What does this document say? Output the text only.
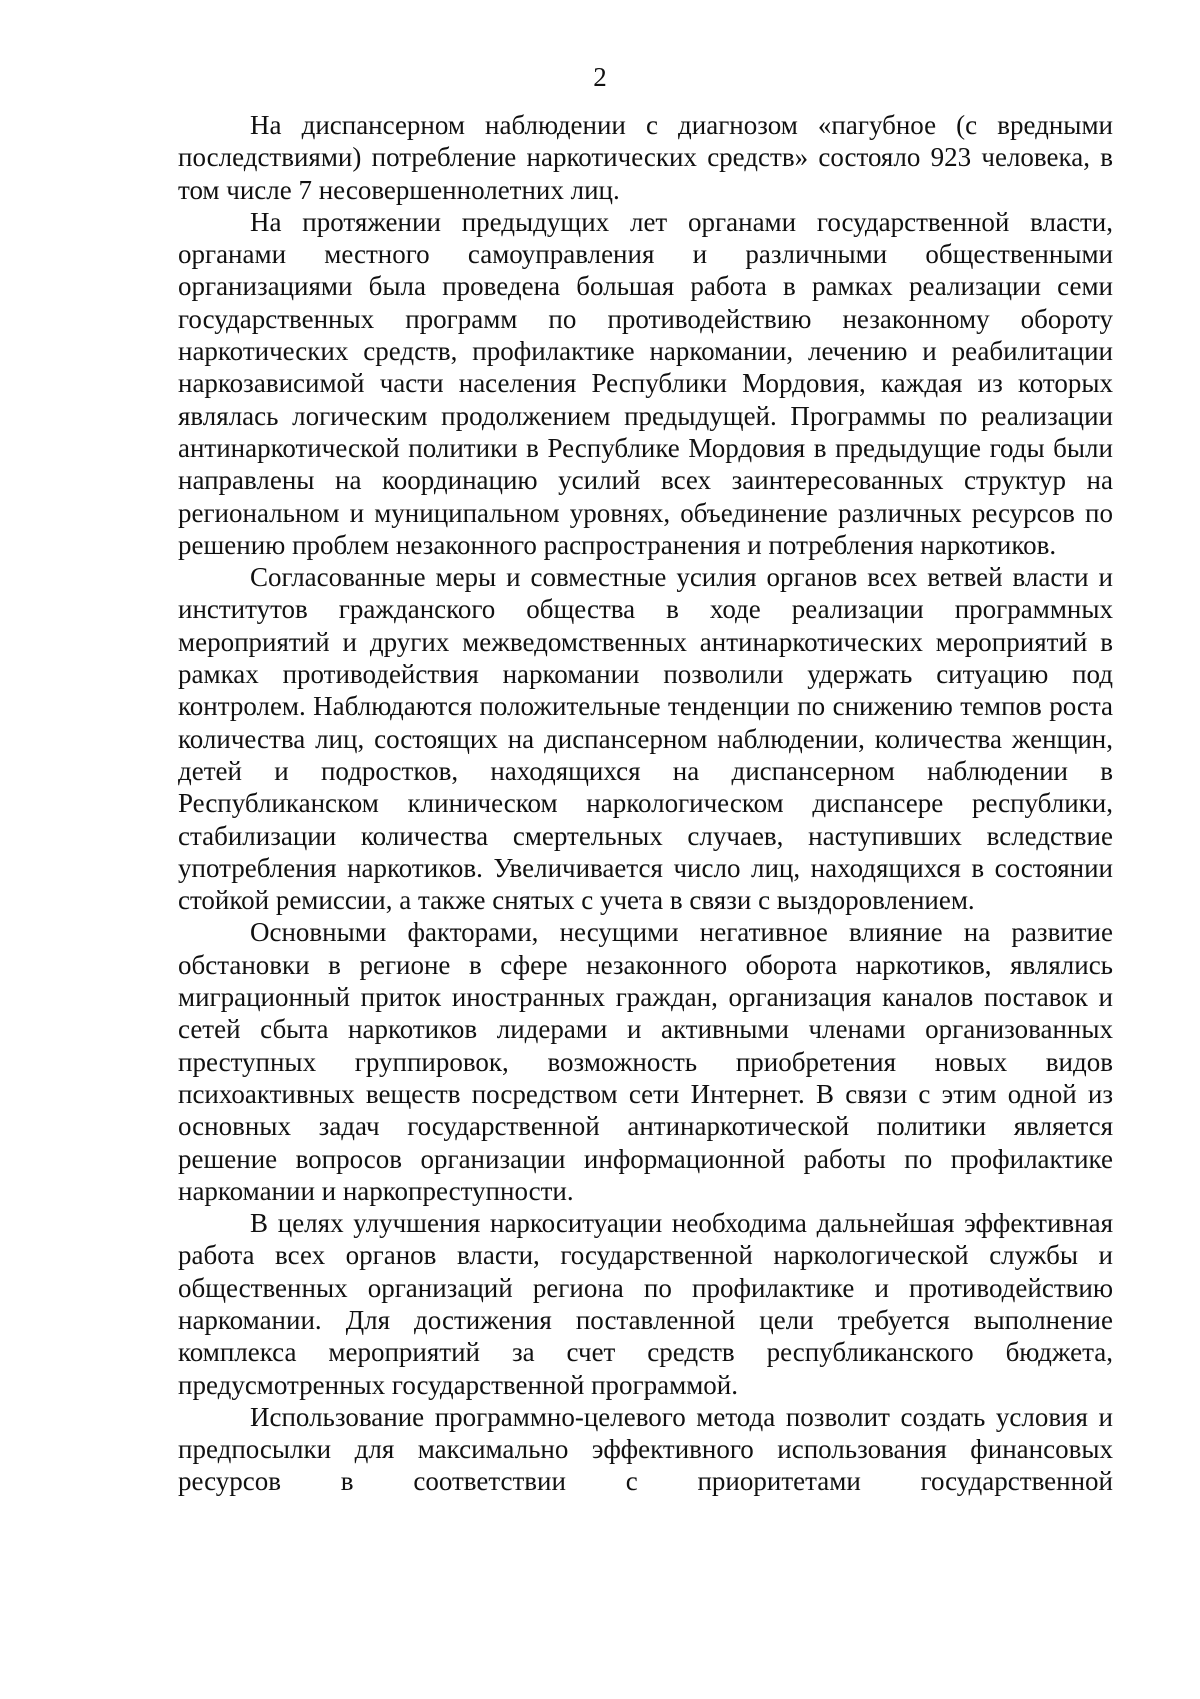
2

На диспансерном наблюдении с диагнозом «пагубное (с вредными последствиями) потребление наркотических средств» состояло 923 человека, в том числе 7 несовершеннолетних лиц.

На протяжении предыдущих лет органами государственной власти, органами местного самоуправления и различными общественными организациями была проведена большая работа в рамках реализации семи государственных программ по противодействию незаконному обороту наркотических средств, профилактике наркомании, лечению и реабилитации наркозависимой части населения Республики Мордовия, каждая из которых являлась логическим продолжением предыдущей. Программы по реализации антинаркотической политики в Республике Мордовия в предыдущие годы были направлены на координацию усилий всех заинтересованных структур на региональном и муниципальном уровнях, объединение различных ресурсов по решению проблем незаконного распространения и потребления наркотиков.

Согласованные меры и совместные усилия органов всех ветвей власти и институтов гражданского общества в ходе реализации программных мероприятий и других межведомственных антинаркотических мероприятий в рамках противодействия наркомании позволили удержать ситуацию под контролем. Наблюдаются положительные тенденции по снижению темпов роста количества лиц, состоящих на диспансерном наблюдении, количества женщин, детей и подростков, находящихся на диспансерном наблюдении в Республиканском клиническом наркологическом диспансере республики, стабилизации количества смертельных случаев, наступивших вследствие употребления наркотиков. Увеличивается число лиц, находящихся в состоянии стойкой ремиссии, а также снятых с учета в связи с выздоровлением.

Основными факторами, несущими негативное влияние на развитие обстановки в регионе в сфере незаконного оборота наркотиков, являлись миграционный приток иностранных граждан, организация каналов поставок и сетей сбыта наркотиков лидерами и активными членами организованных преступных группировок, возможность приобретения новых видов психоактивных веществ посредством сети Интернет. В связи с этим одной из основных задач государственной антинаркотической политики является решение вопросов организации информационной работы по профилактике наркомании и наркопреступности.

В целях улучшения наркоситуации необходима дальнейшая эффективная работа всех органов власти, государственной наркологической службы и общественных организаций региона по профилактике и противодействию наркомании. Для достижения поставленной цели требуется выполнение комплекса мероприятий за счет средств республиканского бюджета, предусмотренных государственной программой.

Использование программно-целевого метода позволит создать условия и предпосылки для максимально эффективного использования финансовых ресурсов в соответствии с приоритетами государственной
